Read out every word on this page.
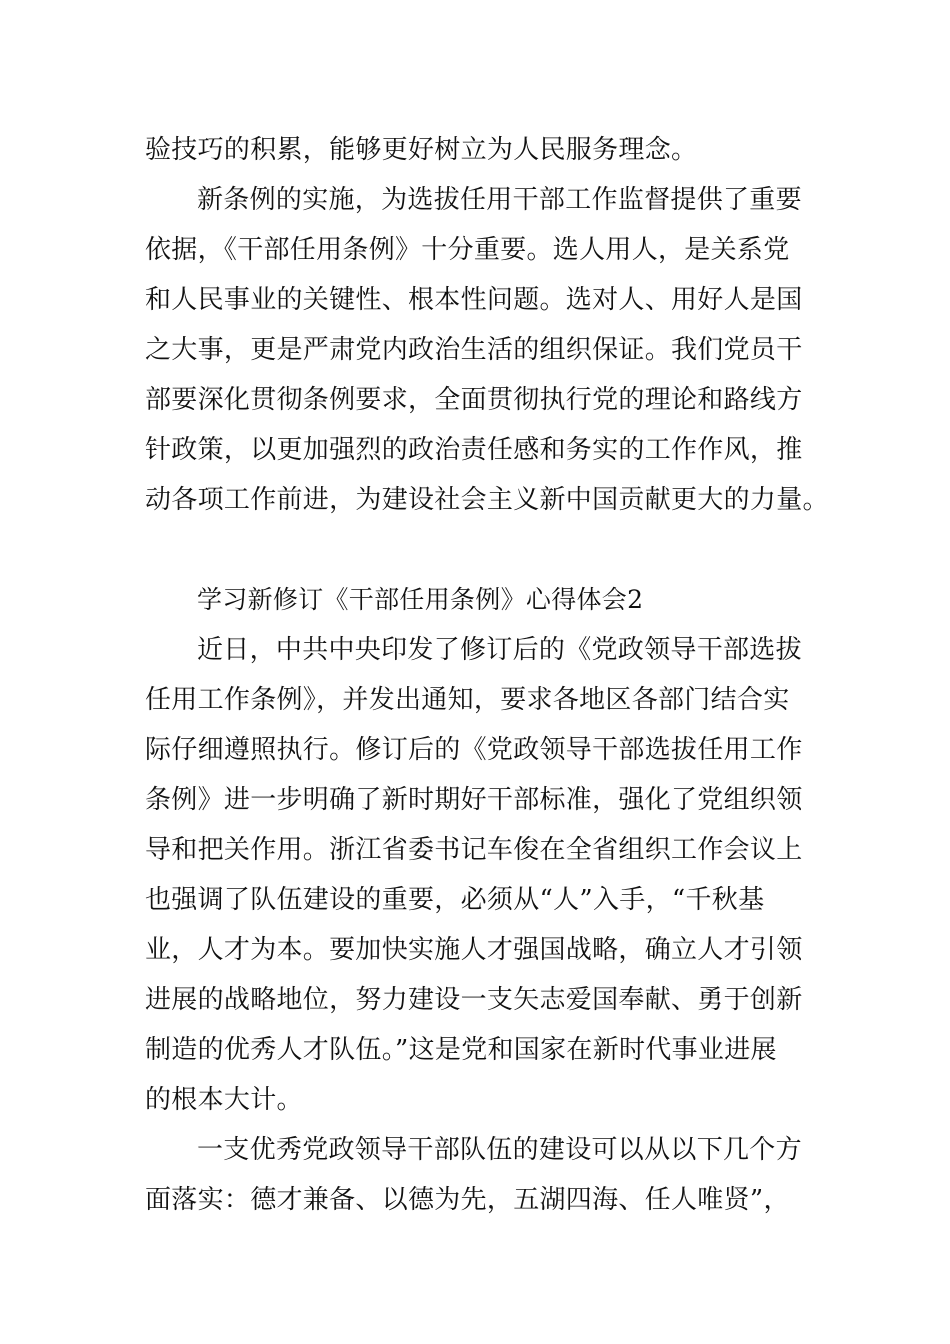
验技巧的积累，能够更好树立为人民服务理念。
新条例的实施，为选拔任用干部工作监督提供了重要
依据，《干部任用条例》十分重要。选人用人，是关系党
和人民事业的关键性、根本性问题。选对人、用好人是国
之大事，更是严肃党内政治生活的组织保证。我们党员干
部要深化贯彻条例要求，全面贯彻执行党的理论和路线方
针政策，以更加强烈的政治责任感和务实的工作作风，推
动各项工作前进，为建设社会主义新中国贡献更大的力量。
学习新修订《干部任用条例》心得体会2
近日，中共中央印发了修订后的《党政领导干部选拔
任用工作条例》，并发出通知，要求各地区各部门结合实
际仔细遵照执行。修订后的《党政领导干部选拔任用工作
条例》进一步明确了新时期好干部标准，强化了党组织领
导和把关作用。浙江省委书记车俊在全省组织工作会议上
也强调了队伍建设的重要，必须从“人”入手，“千秋基
业，人才为本。要加快实施人才强国战略，确立人才引领
进展的战略地位，努力建设一支矢志爱国奉献、勇于创新
制造的优秀人才队伍。”这是党和国家在新时代事业进展
的根本大计。
一支优秀党政领导干部队伍的建设可以从以下几个方
面落实：德才兼备、以德为先，五湖四海、任人唯贤”，
